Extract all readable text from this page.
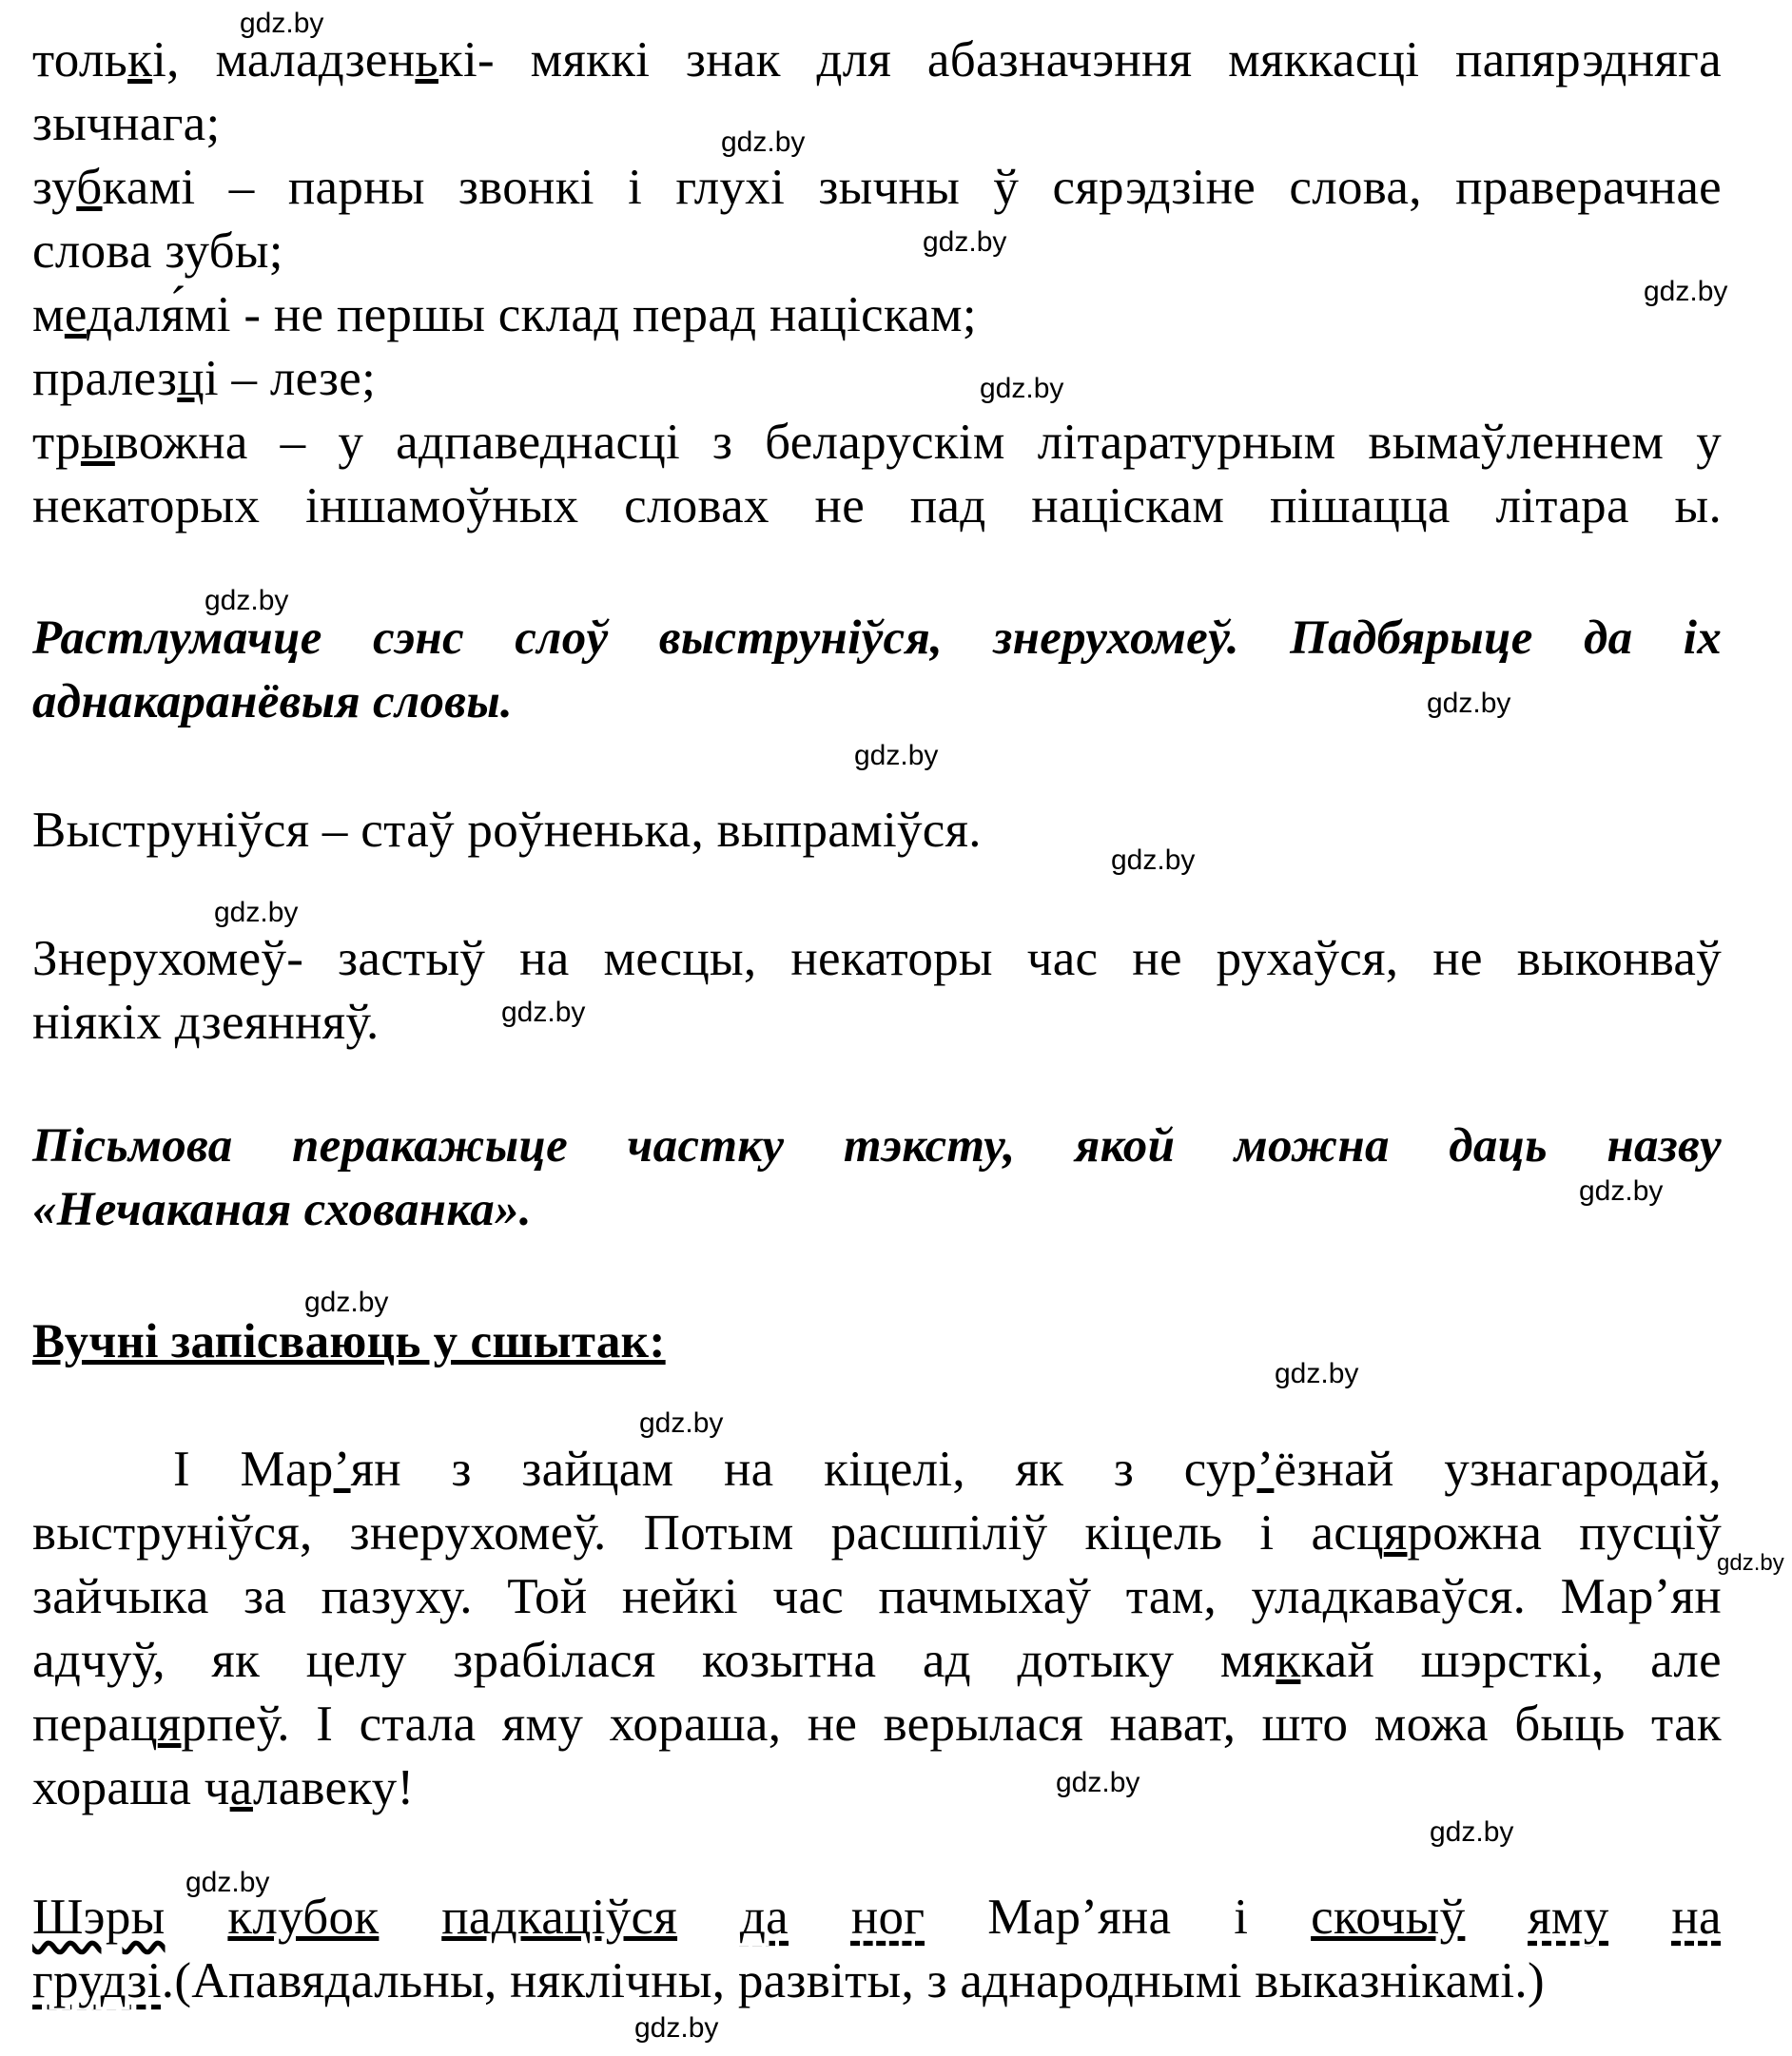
gdz.by
gdz.by
gdz.by
gdz.by
gdz.by
gdz.by
gdz.by
gdz.by
gdz.by
gdz.by
gdz.by
gdz.by
gdz.by
gdz.by
gdz.by
gdz.by
gdz.by
gdz.by
gdz.by
gdz.by
толькі, маладзенькі- мяккі знак для абазначэння мяккасці папярэдняга
зычнага;
зубкамі – парны звонкі і глухі зычны ў сярэдзіне слова, праверачнае
слова зубы;
медаля́мі - не першы склад перад націскам;
пралезці – лезе;
трывожна – у адпаведнасці з беларускім літаратурным вымаўленнем у
некаторых іншамоўных словах не пад націскам пішацца літара ы.
Растлумачце сэнс слоў выструніўся, знерухомеў. Падбярыце да іх
аднакаранёвыя словы.
Выструніўся – стаў роўненька, выпраміўся.
Знерухомеў- застыў на месцы, некаторы час не рухаўся, не выконваў
ніякіх дзеянняў.
Пісьмова перакажыце частку тэксту, якой можна даць назву
«Нечаканая схованка».
Вучні запісваюць у сшытак:
І Мар’ян з зайцам на кіцелі, як з сур’ёзнай узнагародай,
выструніўся, знерухомеў. Потым расшпіліў кіцель і асцярожна пусціў
зайчыка за пазуху. Той нейкі час пачмыхаў там, уладкаваўся. Мар’ян
адчуў, як целу зрабілася козытна ад дотыку мяккай шэрсткі, але
перацярпеў. І стала яму хораша, не верылася нават, што можа быць так
хораша чалавеку!
Шэры клубок падкаціўся да ног Мар’яна і скочыў яму на
грудзі.(Апавядальны, няклічны, развіты, з аднароднымі выказнікамі.)
